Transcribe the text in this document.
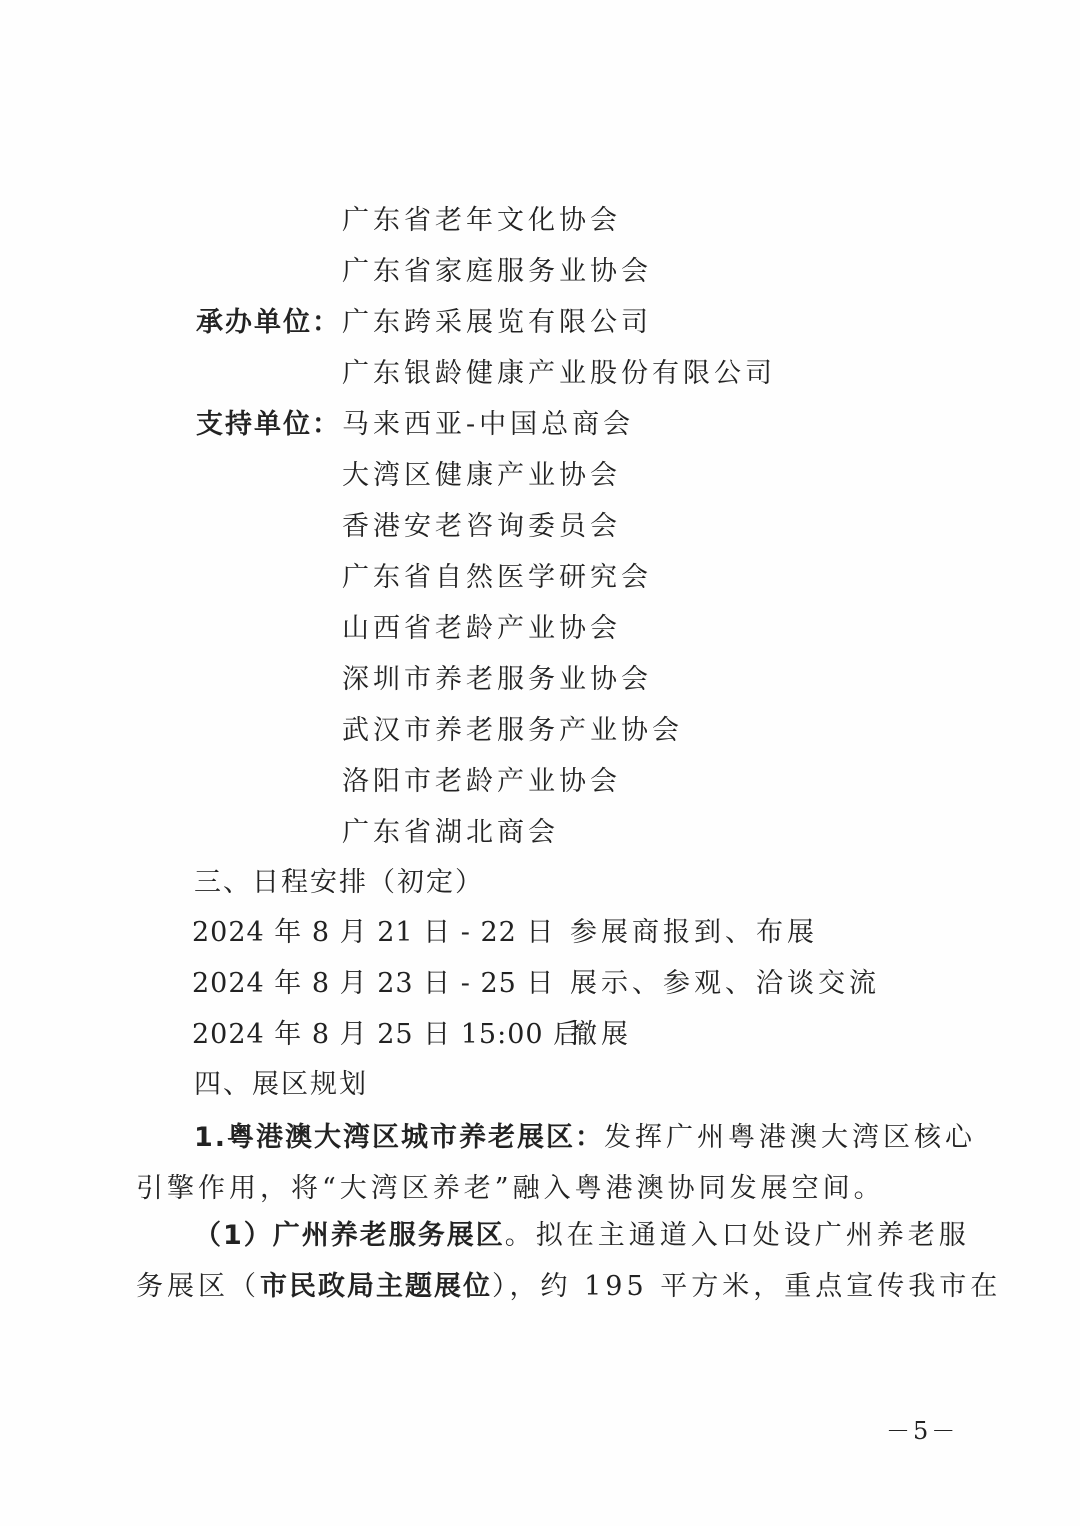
广东省老年文化协会
广东省家庭服务业协会
承办单位： 广东跨采展览有限公司
广东银龄健康产业股份有限公司
支持单位： 马来西亚-中国总商会
大湾区健康产业协会
香港安老咨询委员会
广东省自然医学研究会
山西省老龄产业协会
深圳市养老服务业协会
武汉市养老服务产业协会
洛阳市老龄产业协会
广东省湖北商会
三、日程安排（初定）
2024 年 8 月 21 日 - 22 日 参展商报到、布展
2024 年 8 月 23 日 - 25 日 展示、参观、洽谈交流
2024 年 8 月 25 日 15:00 后
撤展
四、展区规划
1.粤港澳大湾区城市养老展区：发挥广州粤港澳大湾区核心
引擎作用，将“大湾区养老”融入粤港澳协同发展空间。
（1）广州养老服务展区。拟在主通道入口处设广州养老服
务展区（市民政局主题展位），约 195 平方米，重点宣传我市在
－5－
